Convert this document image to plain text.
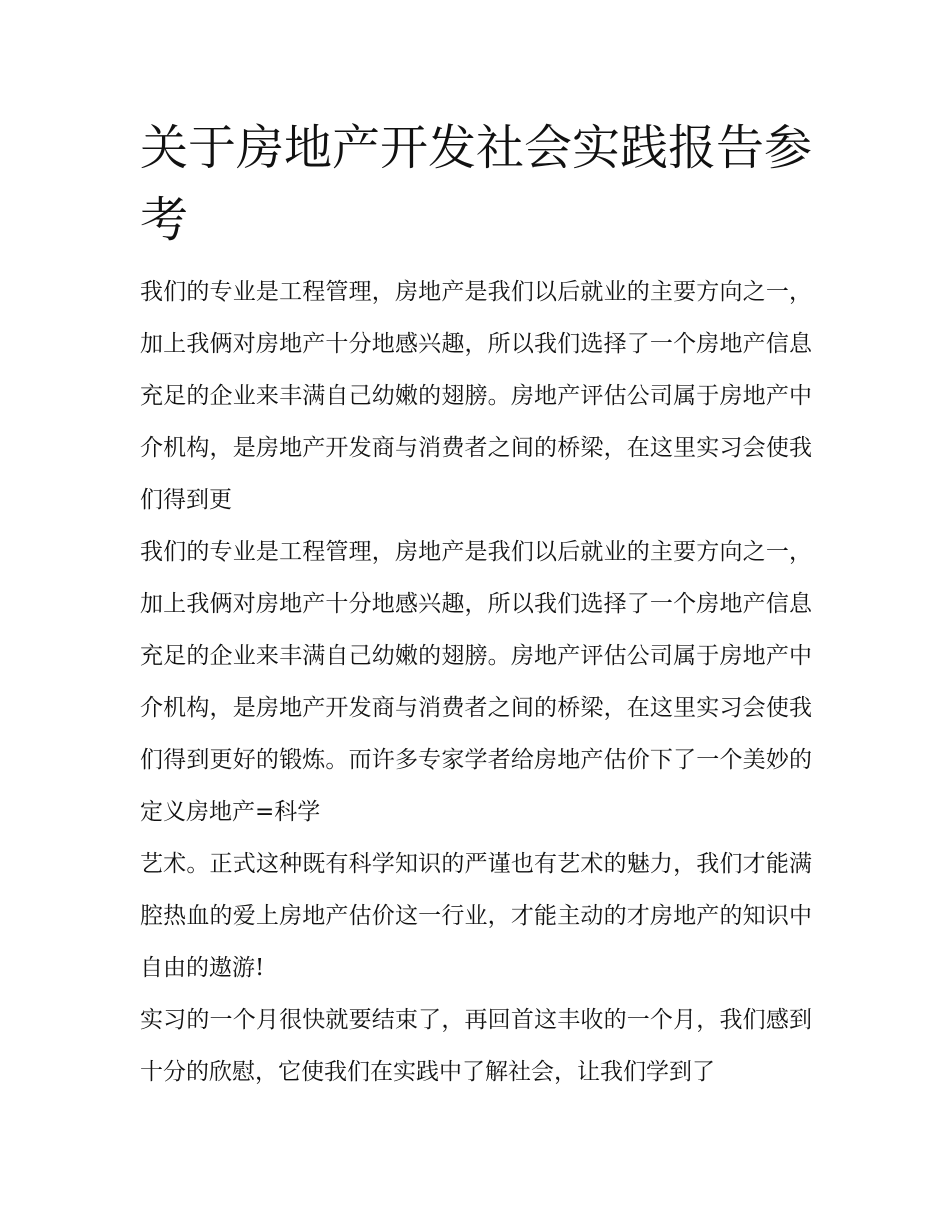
关于房地产开发社会实践报告参考

我们的专业是工程管理，房地产是我们以后就业的主要方向之一，加上我俩对房地产十分地感兴趣，所以我们选择了一个房地产信息充足的企业来丰满自己幼嫩的翅膀。房地产评估公司属于房地产中介机构，是房地产开发商与消费者之间的桥梁，在这里实习会使我们得到更

我们的专业是工程管理，房地产是我们以后就业的主要方向之一，加上我俩对房地产十分地感兴趣，所以我们选择了一个房地产信息充足的企业来丰满自己幼嫩的翅膀。房地产评估公司属于房地产中介机构，是房地产开发商与消费者之间的桥梁，在这里实习会使我们得到更好的锻炼。而许多专家学者给房地产估价下了一个美妙的定义房地产=科学

艺术。正式这种既有科学知识的严谨也有艺术的魅力，我们才能满腔热血的爱上房地产估价这一行业，才能主动的才房地产的知识中自由的遨游!

实习的一个月很快就要结束了，再回首这丰收的一个月，我们感到十分的欣慰，它使我们在实践中了解社会，让我们学到了
